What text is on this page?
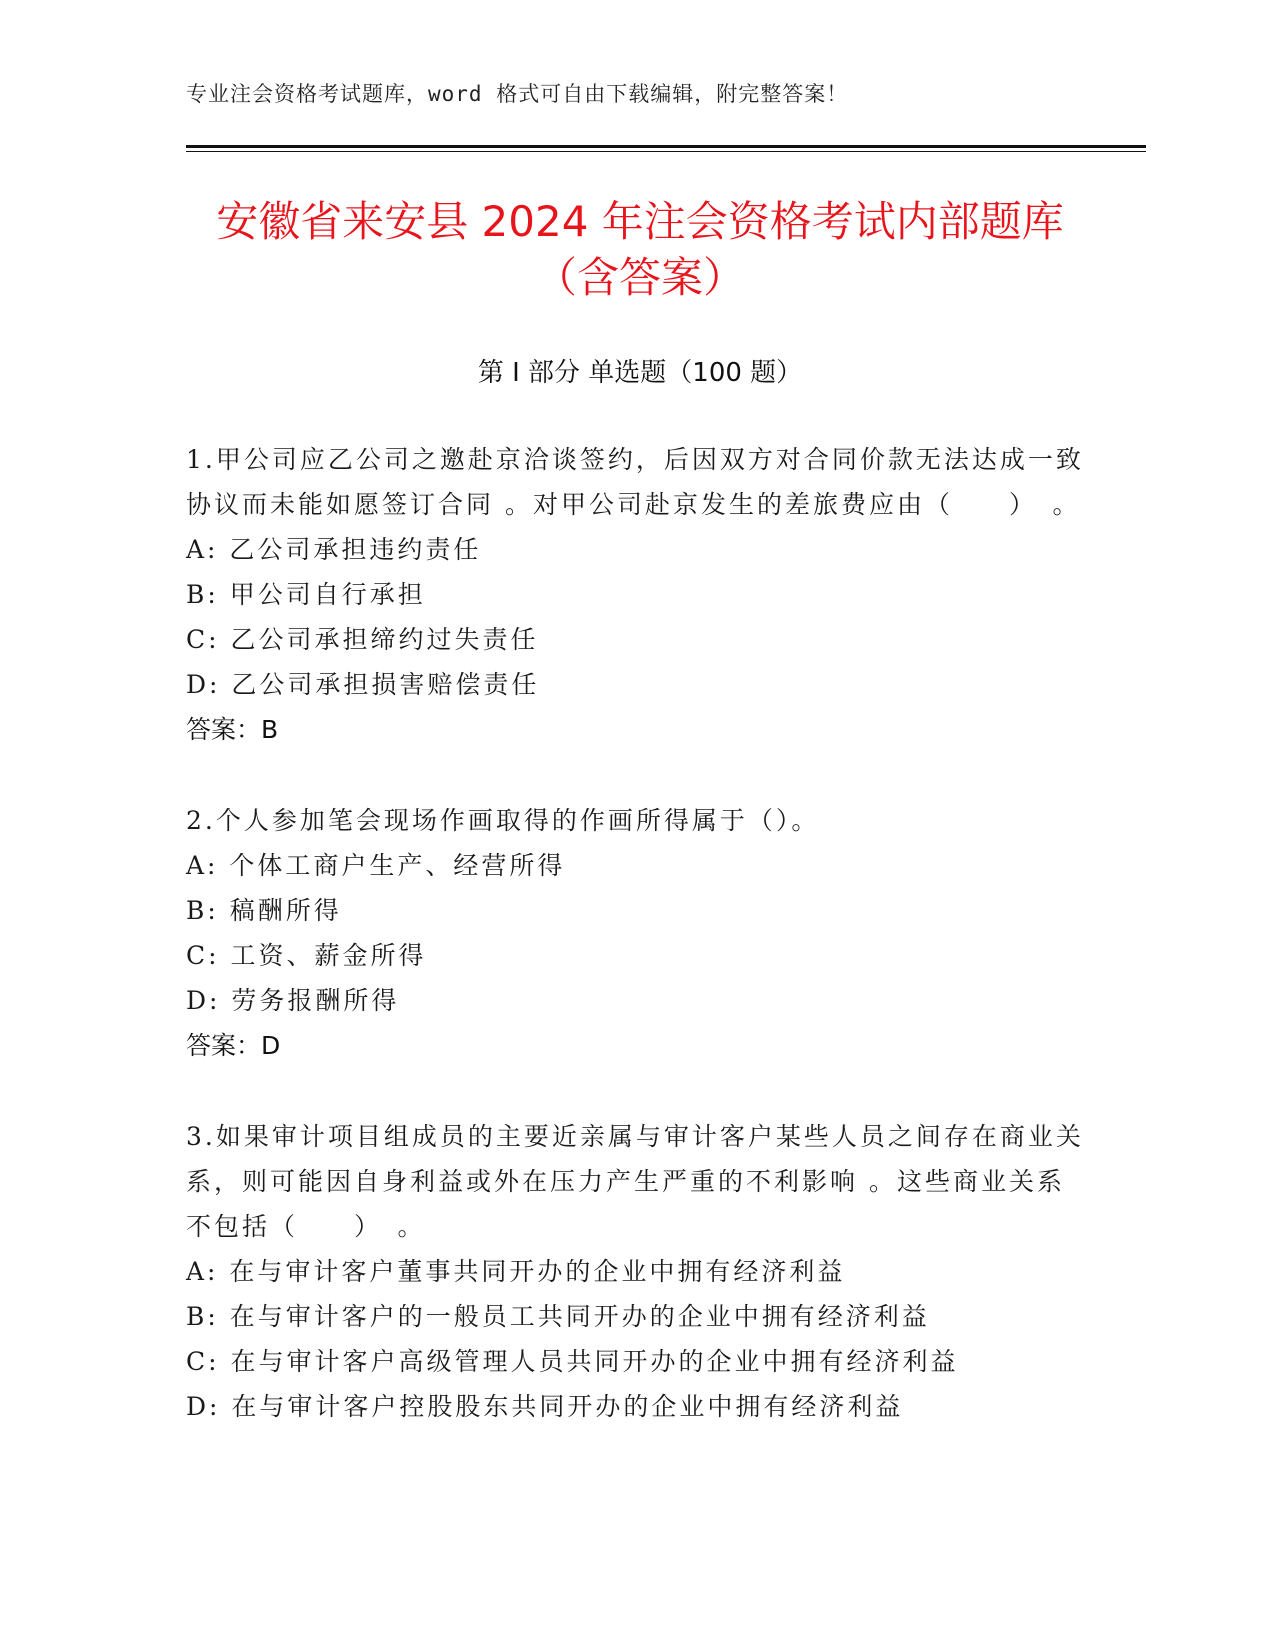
专业注会资格考试题库，word 格式可自由下载编辑，附完整答案！
安徽省来安县 2024 年注会资格考试内部题库
（含答案）
第 I 部分 单选题（100 题）

1.甲公司应乙公司之邀赴京洽谈签约，后因双方对合同价款无法达成一致协议而未能如愿签订合同 。对甲公司赴京发生的差旅费应由（　　）　。

A: 乙公司承担违约责任

B: 甲公司自行承担

C: 乙公司承担缔约过失责任

D: 乙公司承担损害赔偿责任

答案：B

2.个人参加笔会现场作画取得的作画所得属于（）。

A: 个体工商户生产、经营所得

B: 稿酬所得

C: 工资、薪金所得

D: 劳务报酬所得

答案：D

3.如果审计项目组成员的主要近亲属与审计客户某些人员之间存在商业关系，则可能因自身利益或外在压力产生严重的不利影响 。这些商业关系不包括（　　）　。

A: 在与审计客户董事共同开办的企业中拥有经济利益

B: 在与审计客户的一般员工共同开办的企业中拥有经济利益

C: 在与审计客户高级管理人员共同开办的企业中拥有经济利益

D: 在与审计客户控股股东共同开办的企业中拥有经济利益
